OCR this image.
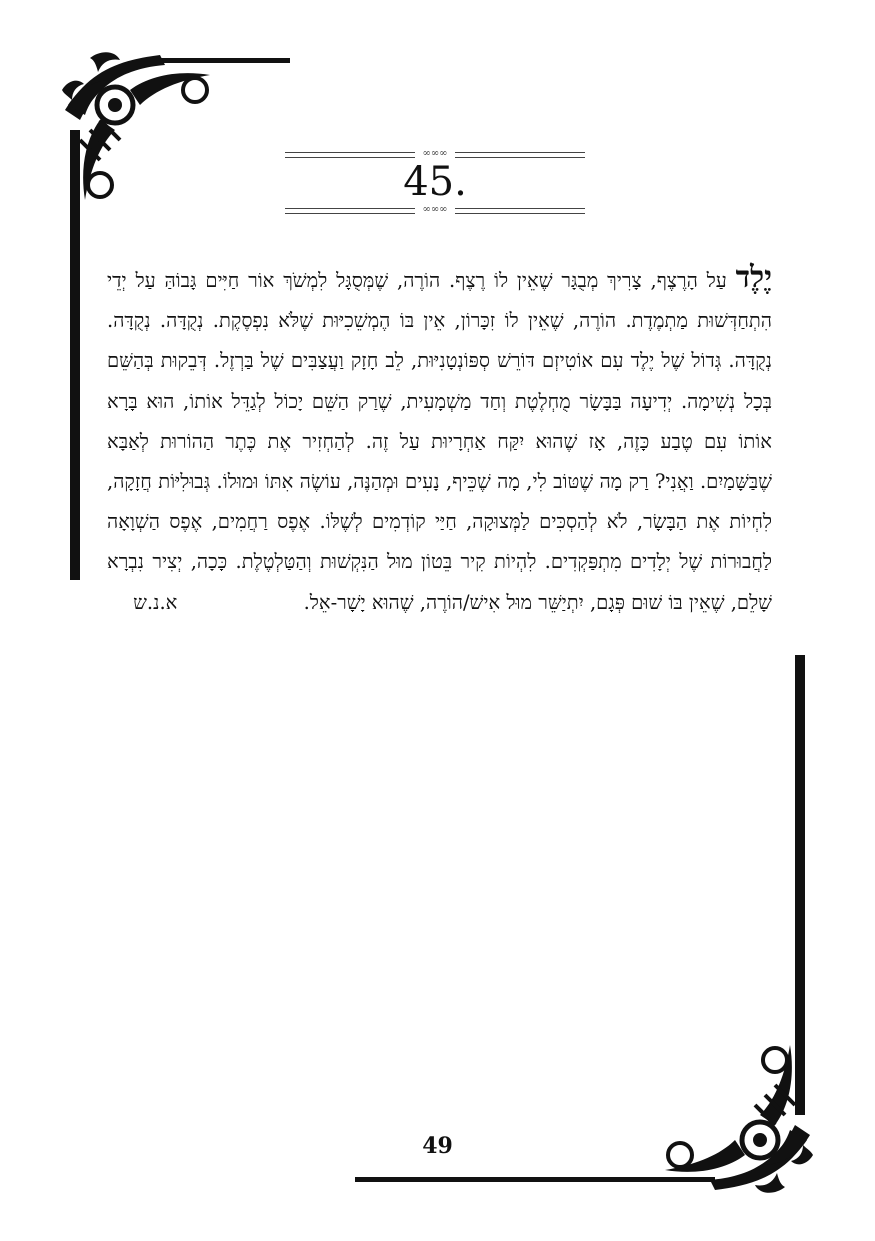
∞∞∞
45.
∞∞∞
יֶלֶד עַל הָרֶצֶף, צָרִיךְ מְבֻגָּר שֶׁאֵין לוֹ רֶצֶף. הוֹרֶה, שֶׁמְּסֻגָּל לִמְשֹׁךְ אוֹר חַיִּים גָּבוֹהַּ עַל יְדֵי הִתְחַדְּשׁוּת מַתְמֶדֶת. הוֹרֶה, שֶׁאֵין לוֹ זִכָּרוֹן, אֵין בּוֹ הֶמְשֵׁכִיּוּת שֶׁלֹּא נִפְסֶקֶת. נְקֻדָּה. נְקֻדָּה. נְקֻדָּה. גְּדוֹל שֶׁל יֶלֶד עִם אוֹטִיזְם דּוֹרֵשׁ סְפּוֹנְטָנִיּוּת, לֵב חָזָק וַעֲצַבִּים שֶׁל בַּרְזֶל. דְּבֵקוּת בְּהַשֵּׁם בְּכָל נְשִׁימָה. יְדִיעָה בַּבָּשָׂר מֻחְלֶטֶת וְחַד מַשְׁמָעִית, שֶׁרַק הַשֵּׁם יָכוֹל לְגַדֵּל אוֹתוֹ, הוּא בָּרָא אוֹתוֹ עִם טֶבַע כָּזֶה, אָז שֶׁהוּא יִקַּח אַחְרָיוּת עַל זֶה. לְהַחְזִיר אֶת כֶּתֶר הַהוֹרוּת לְאַבָּא שֶׁבַּשָּׁמַיִם. וַאֲנִי? רַק מָה שֶׁטּוֹב לִי, מָה שֶׁכֵּיף, נָעִים וּמְהַנֶּה, עוֹשֶׂה אִתּוֹ וּמוּלוֹ. גְּבוּלִיּוֹת חֲזָקָה, לִחְיוֹת אֶת הַבָּשָׂר, לֹא לְהַסְכִּים לַמְּצוּקָה, חַיַּי קוֹדְמִים לְשֶׁלּוֹ. אֶפֶס רַחֲמִים, אֶפֶס הַשְׁוָאָה לַחֲבוּרוֹת שֶׁל יְלָדִים מִתְפַּקְדִים. לִהְיוֹת קִיר בֵּטוֹן מוּל הַנִּקְשׁוּת וְהַטַּלְטֶלֶת. כָּכָה, יְצִיר נִבְרָא שָׁלֵם, שֶׁאֵין בּוֹ שׁוּם פְּגָם, יִתְיַשֵּׁר מוּל אִישׁ/הוֹרֶה, שֶׁהוּא יָשָׁר-אֵל. א.נ.ש
49
